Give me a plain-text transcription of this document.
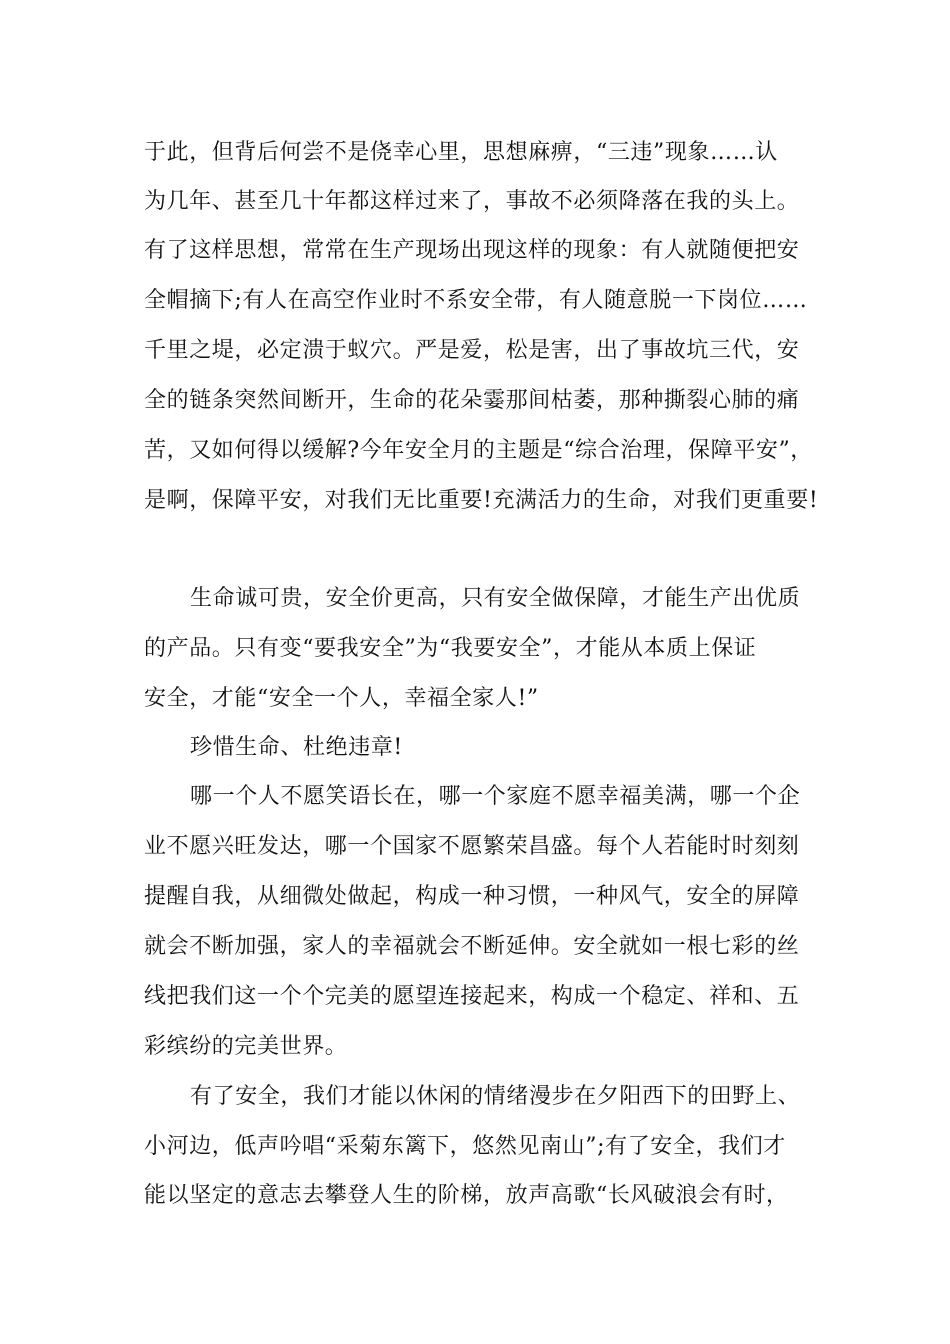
于此，但背后何尝不是侥幸心里，思想麻痹，“三违”现象……认
为几年、甚至几十年都这样过来了，事故不必须降落在我的头上。
有了这样思想，常常在生产现场出现这样的现象：有人就随便把安
全帽摘下;有人在高空作业时不系安全带，有人随意脱一下岗位……
千里之堤，必定溃于蚁穴。严是爱，松是害，出了事故坑三代，安
全的链条突然间断开，生命的花朵霎那间枯萎，那种撕裂心肺的痛
苦，又如何得以缓解?今年安全月的主题是“综合治理，保障平安”，
是啊，保障平安，对我们无比重要!充满活力的生命，对我们更重要!
生命诚可贵，安全价更高，只有安全做保障，才能生产出优质
的产品。只有变“要我安全”为“我要安全”，才能从本质上保证
安全，才能“安全一个人，幸福全家人!”
珍惜生命、杜绝违章!
哪一个人不愿笑语长在，哪一个家庭不愿幸福美满，哪一个企
业不愿兴旺发达，哪一个国家不愿繁荣昌盛。每个人若能时时刻刻
提醒自我，从细微处做起，构成一种习惯，一种风气，安全的屏障
就会不断加强，家人的幸福就会不断延伸。安全就如一根七彩的丝
线把我们这一个个完美的愿望连接起来，构成一个稳定、祥和、五
彩缤纷的完美世界。
有了安全，我们才能以休闲的情绪漫步在夕阳西下的田野上、
小河边，低声吟唱“采菊东篱下，悠然见南山”;有了安全，我们才
能以坚定的意志去攀登人生的阶梯，放声高歌“长风破浪会有时，
